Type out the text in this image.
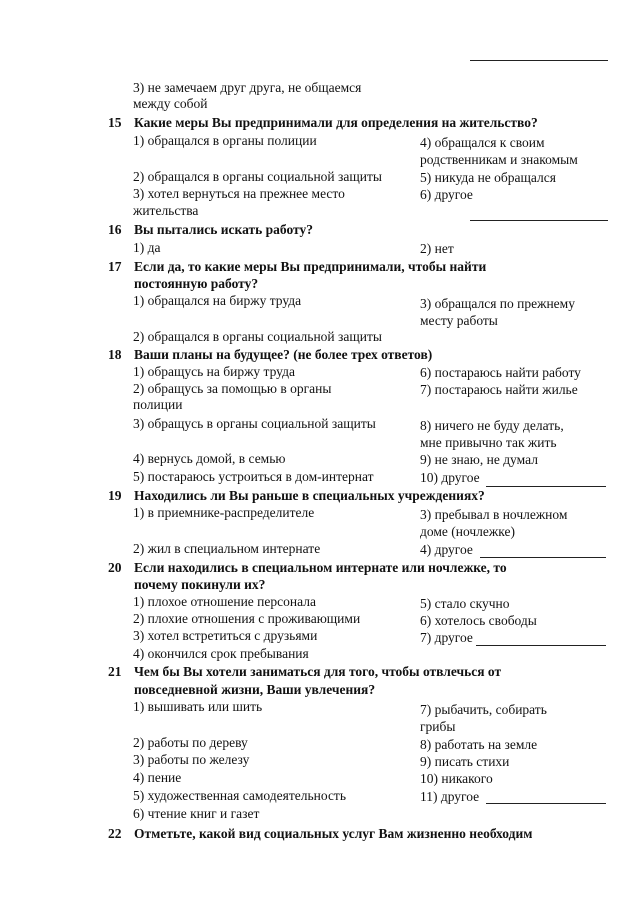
3) не замечаем друг друга, не общаемся
между собой
15 Какие меры Вы предпринимали для определения на жительство?
1) обращался в органы полиции	4) обращался к своим
родственникам и знакомым
2) обращался в органы социальной защиты	5) никуда не обращался
3) хотел вернуться на прежнее место	6) другое
жительства
16 Вы пытались искать работу?
1) да	2) нет
17 Если да, то какие меры Вы предпринимали, чтобы найти
постоянную работу?
1) обращался на биржу труда	3) обращался по прежнему
месту работы
2) обращался в органы социальной защиты
18 Ваши планы на будущее? (не более трех ответов)
1) обращусь на биржу труда	6) постараюсь найти работу
2) обращусь за помощью в органы	7) постараюсь найти жилье
полиции
3) обращусь в органы социальной защиты	8) ничего не буду делать,
мне привычно так жить
4) вернусь домой, в семью	9) не знаю, не думал
5) постараюсь устроиться в дом-интернат	10) другое
19 Находились ли Вы раньше в специальных учреждениях?
1) в приемнике-распределителе	3) пребывал в ночлежном
доме (ночлежке)
2) жил в специальном интернате	4) другое
20 Если находились в специальном интернате или ночлежке, то
почему покинули их?
1) плохое отношение персонала	5) стало скучно
2) плохие отношения с проживающими	6) хотелось свободы
3) хотел встретиться с друзьями	7) другое
4) окончился срок пребывания
21 Чем бы Вы хотели заниматься для того, чтобы отвлечься от
повседневной жизни, Ваши увлечения?
1) вышивать или шить	7) рыбачить, собирать
грибы
2) работы по дереву	8) работать на земле
3) работы по железу	9) писать стихи
4) пение	10) никакого
5) художественная самодеятельность	11) другое
6) чтение книг и газет
22 Отметьте, какой вид социальных услуг Вам жизненно необходим
